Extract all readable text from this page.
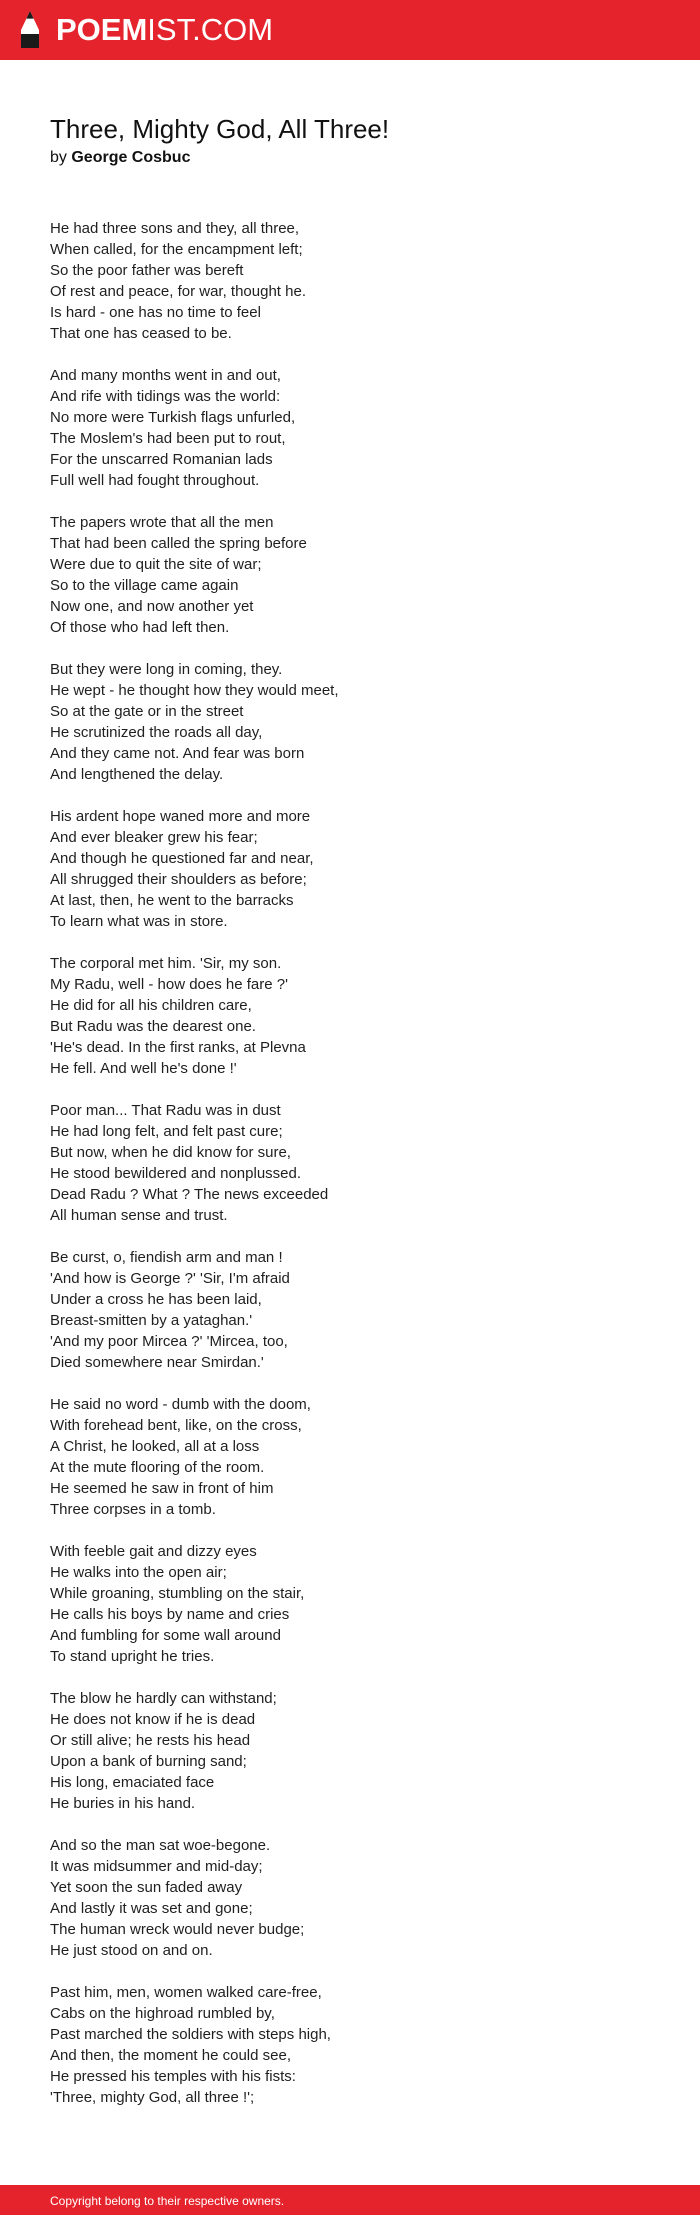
POEMIST.COM
Three, Mighty God, All Three!
by George Cosbuc
He had three sons and they, all three,
When called, for the encampment left;
So the poor father was bereft
Of rest and peace, for war, thought he.
Is hard - one has no time to feel
That one has ceased to be.
And many months went in and out,
And rife with tidings was the world:
No more were Turkish flags unfurled,
The Moslem's had been put to rout,
For the unscarred Romanian lads
Full well had fought throughout.
The papers wrote that all the men
That had been called the spring before
Were due to quit the site of war;
So to the village came again
Now one, and now another yet
Of those who had left then.
But they were long in coming, they.
He wept - he thought how they would meet,
So at the gate or in the street
He scrutinized the roads all day,
And they came not. And fear was born
And lengthened the delay.
His ardent hope waned more and more
And ever bleaker grew his fear;
And though he questioned far and near,
All shrugged their shoulders as before;
At last, then, he went to the barracks
To learn what was in store.
The corporal met him. 'Sir, my son.
My Radu, well - how does he fare ?'
He did for all his children care,
But Radu was the dearest one.
'He's dead. In the first ranks, at Plevna
He fell. And well he's done !'
Poor man... That Radu was in dust
He had long felt, and felt past cure;
But now, when he did know for sure,
He stood bewildered and nonplussed.
Dead Radu ? What ? The news exceeded
All human sense and trust.
Be curst, o, fiendish arm and man !
'And how is George ?' 'Sir, I'm afraid
Under a cross he has been laid,
Breast-smitten by a yataghan.'
'And my poor Mircea ?' 'Mircea, too,
Died somewhere near Smirdan.'
He said no word - dumb with the doom,
With forehead bent, like, on the cross,
A Christ, he looked, all at a loss
At the mute flooring of the room.
He seemed he saw in front of him
Three corpses in a tomb.
With feeble gait and dizzy eyes
He walks into the open air;
While groaning, stumbling on the stair,
He calls his boys by name and cries
And fumbling for some wall around
To stand upright he tries.
The blow he hardly can withstand;
He does not know if he is dead
Or still alive; he rests his head
Upon a bank of burning sand;
His long, emaciated face
He buries in his hand.
And so the man sat woe-begone.
It was midsummer and mid-day;
Yet soon the sun faded away
And lastly it was set and gone;
The human wreck would never budge;
He just stood on and on.
Past him, men, women walked care-free,
Cabs on the highroad rumbled by,
Past marched the soldiers with steps high,
And then, the moment he could see,
He pressed his temples with his fists:
'Three, mighty God, all three !';
Copyright belong to their respective owners.
